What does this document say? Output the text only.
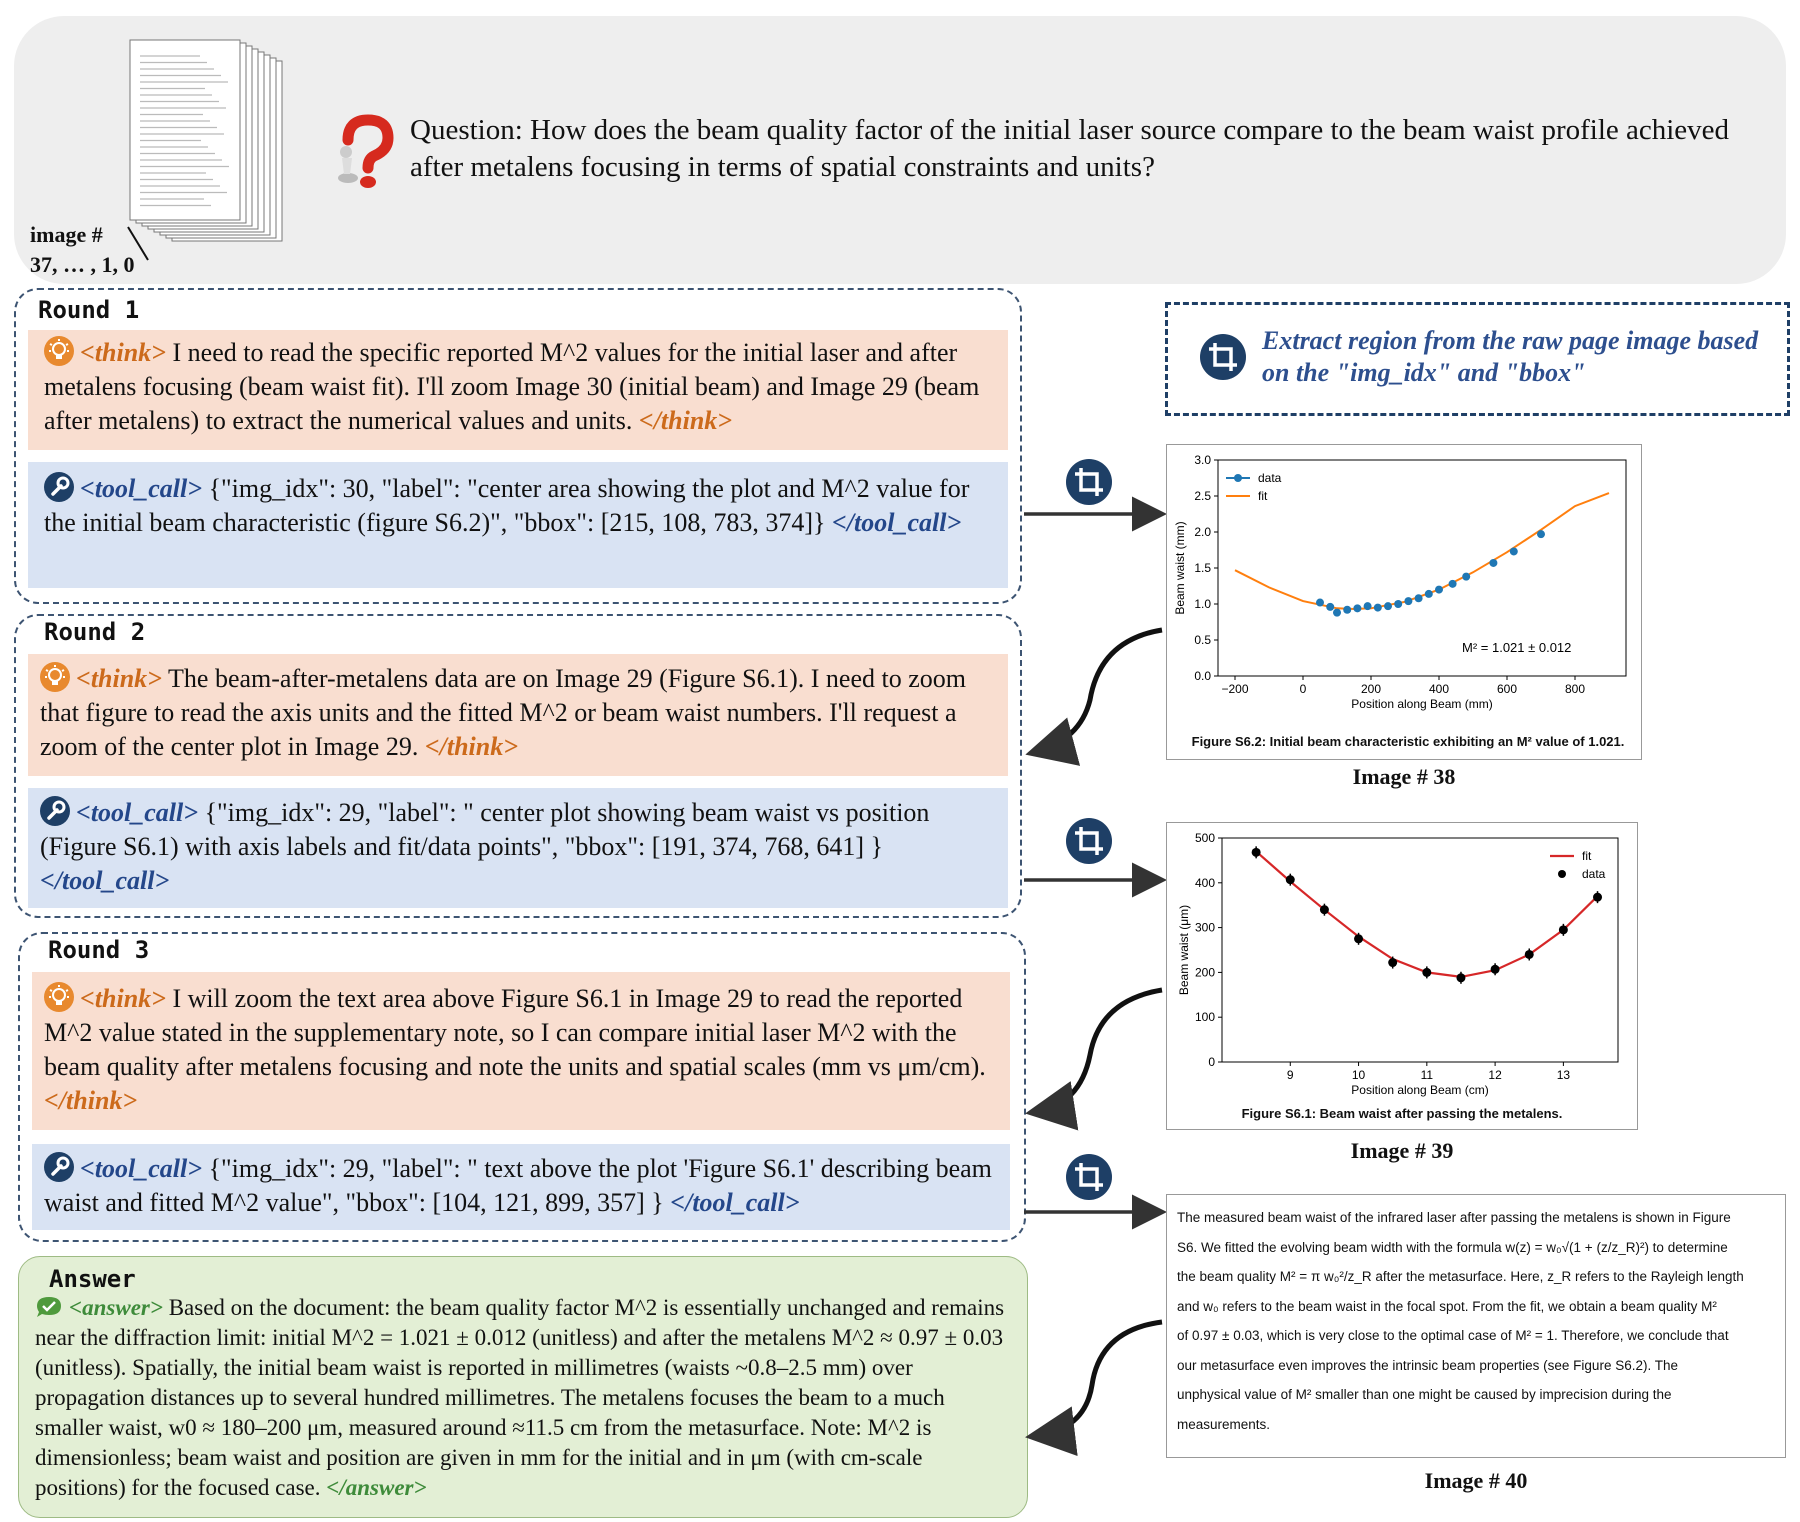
image #
37, … , 1, 0
Question: How does the beam quality factor of the initial laser source compare to the beam waist profile achieved after metalens focusing in terms of spatial constraints and units?
Round 1
<think> I need to read the specific reported M^2 values for the initial laser and after metalens focusing (beam waist fit). I'll zoom Image 30 (initial beam) and Image 29 (beam after metalens) to extract the numerical values and units. </think>
<tool_call> {"img_idx": 30, "label": "center area showing the plot and M^2 value for the initial beam characteristic (figure S6.2)", "bbox": [215, 108, 783, 374]} </tool_call>
Round 2
<think> The beam-after-metalens data are on Image 29 (Figure S6.1). I need to zoom that figure to read the axis units and the fitted M^2 or beam waist numbers. I'll request a zoom of the center plot in Image 29. </think>
<tool_call> {"img_idx": 29, "label": " center plot showing beam waist vs position (Figure S6.1) with axis labels and fit/data points", "bbox": [191, 374, 768, 641] } </tool_call>
Round 3
<think> I will zoom the text area above Figure S6.1 in Image 29 to read the reported M^2 value stated in the supplementary note, so I can compare initial laser M^2 with the beam quality after metalens focusing and note the units and spatial scales (mm vs μm/cm). </think>
<tool_call> {"img_idx": 29, "label": " text above the plot 'Figure S6.1' describing beam waist and fitted M^2 value", "bbox": [104, 121, 899, 357] } </tool_call>
Answer
<answer> Based on the document: the beam quality factor M^2 is essentially unchanged and remains near the diffraction limit: initial M^2 = 1.021 ± 0.012 (unitless) and after the metalens M^2 ≈ 0.97 ± 0.03 (unitless). Spatially, the initial beam waist is reported in millimetres (waists ~0.8–2.5 mm) over propagation distances up to several hundred millimetres. The metalens focuses the beam to a much smaller waist, w0 ≈ 180–200 μm, measured around ≈11.5 cm from the metasurface. Note: M^2 is dimensionless; beam waist and position are given in mm for the initial and in μm (with cm-scale positions) for the focused case. </answer>
Extract region from the raw page image based on the "img_idx" and "bbox"
−200	0	200	400	600	800
0.0
0.5
1.0
1.5
2.0
2.5
3.0
Position along Beam (mm)
Beam waist (mm)
data
fit
M² = 1.021 ± 0.012
Figure S6.2: Initial beam characteristic exhibiting an M² value of 1.021.
Image # 38
9	10	11	12	13
0
100
200
300
400
500
Position along Beam (cm)
Beam waist (μm)
fit
data
Figure S6.1: Beam waist after passing the metalens.
Image # 39
The measured beam waist of the infrared laser after passing the metalens is shown in Figure
S6. We fitted the evolving beam width with the formula w(z) = w₀√(1 + (z/z_R)²) to determine
the beam quality M² = π w₀²/z_R after the metasurface. Here, z_R refers to the Rayleigh length
and w₀ refers to the beam waist in the focal spot. From the fit, we obtain a beam quality M²
of 0.97 ± 0.03, which is very close to the optimal case of M² = 1. Therefore, we conclude that
our metasurface even improves the intrinsic beam properties (see Figure S6.2). The
unphysical value of M² smaller than one might be caused by imprecision during the
measurements.
Image # 40
